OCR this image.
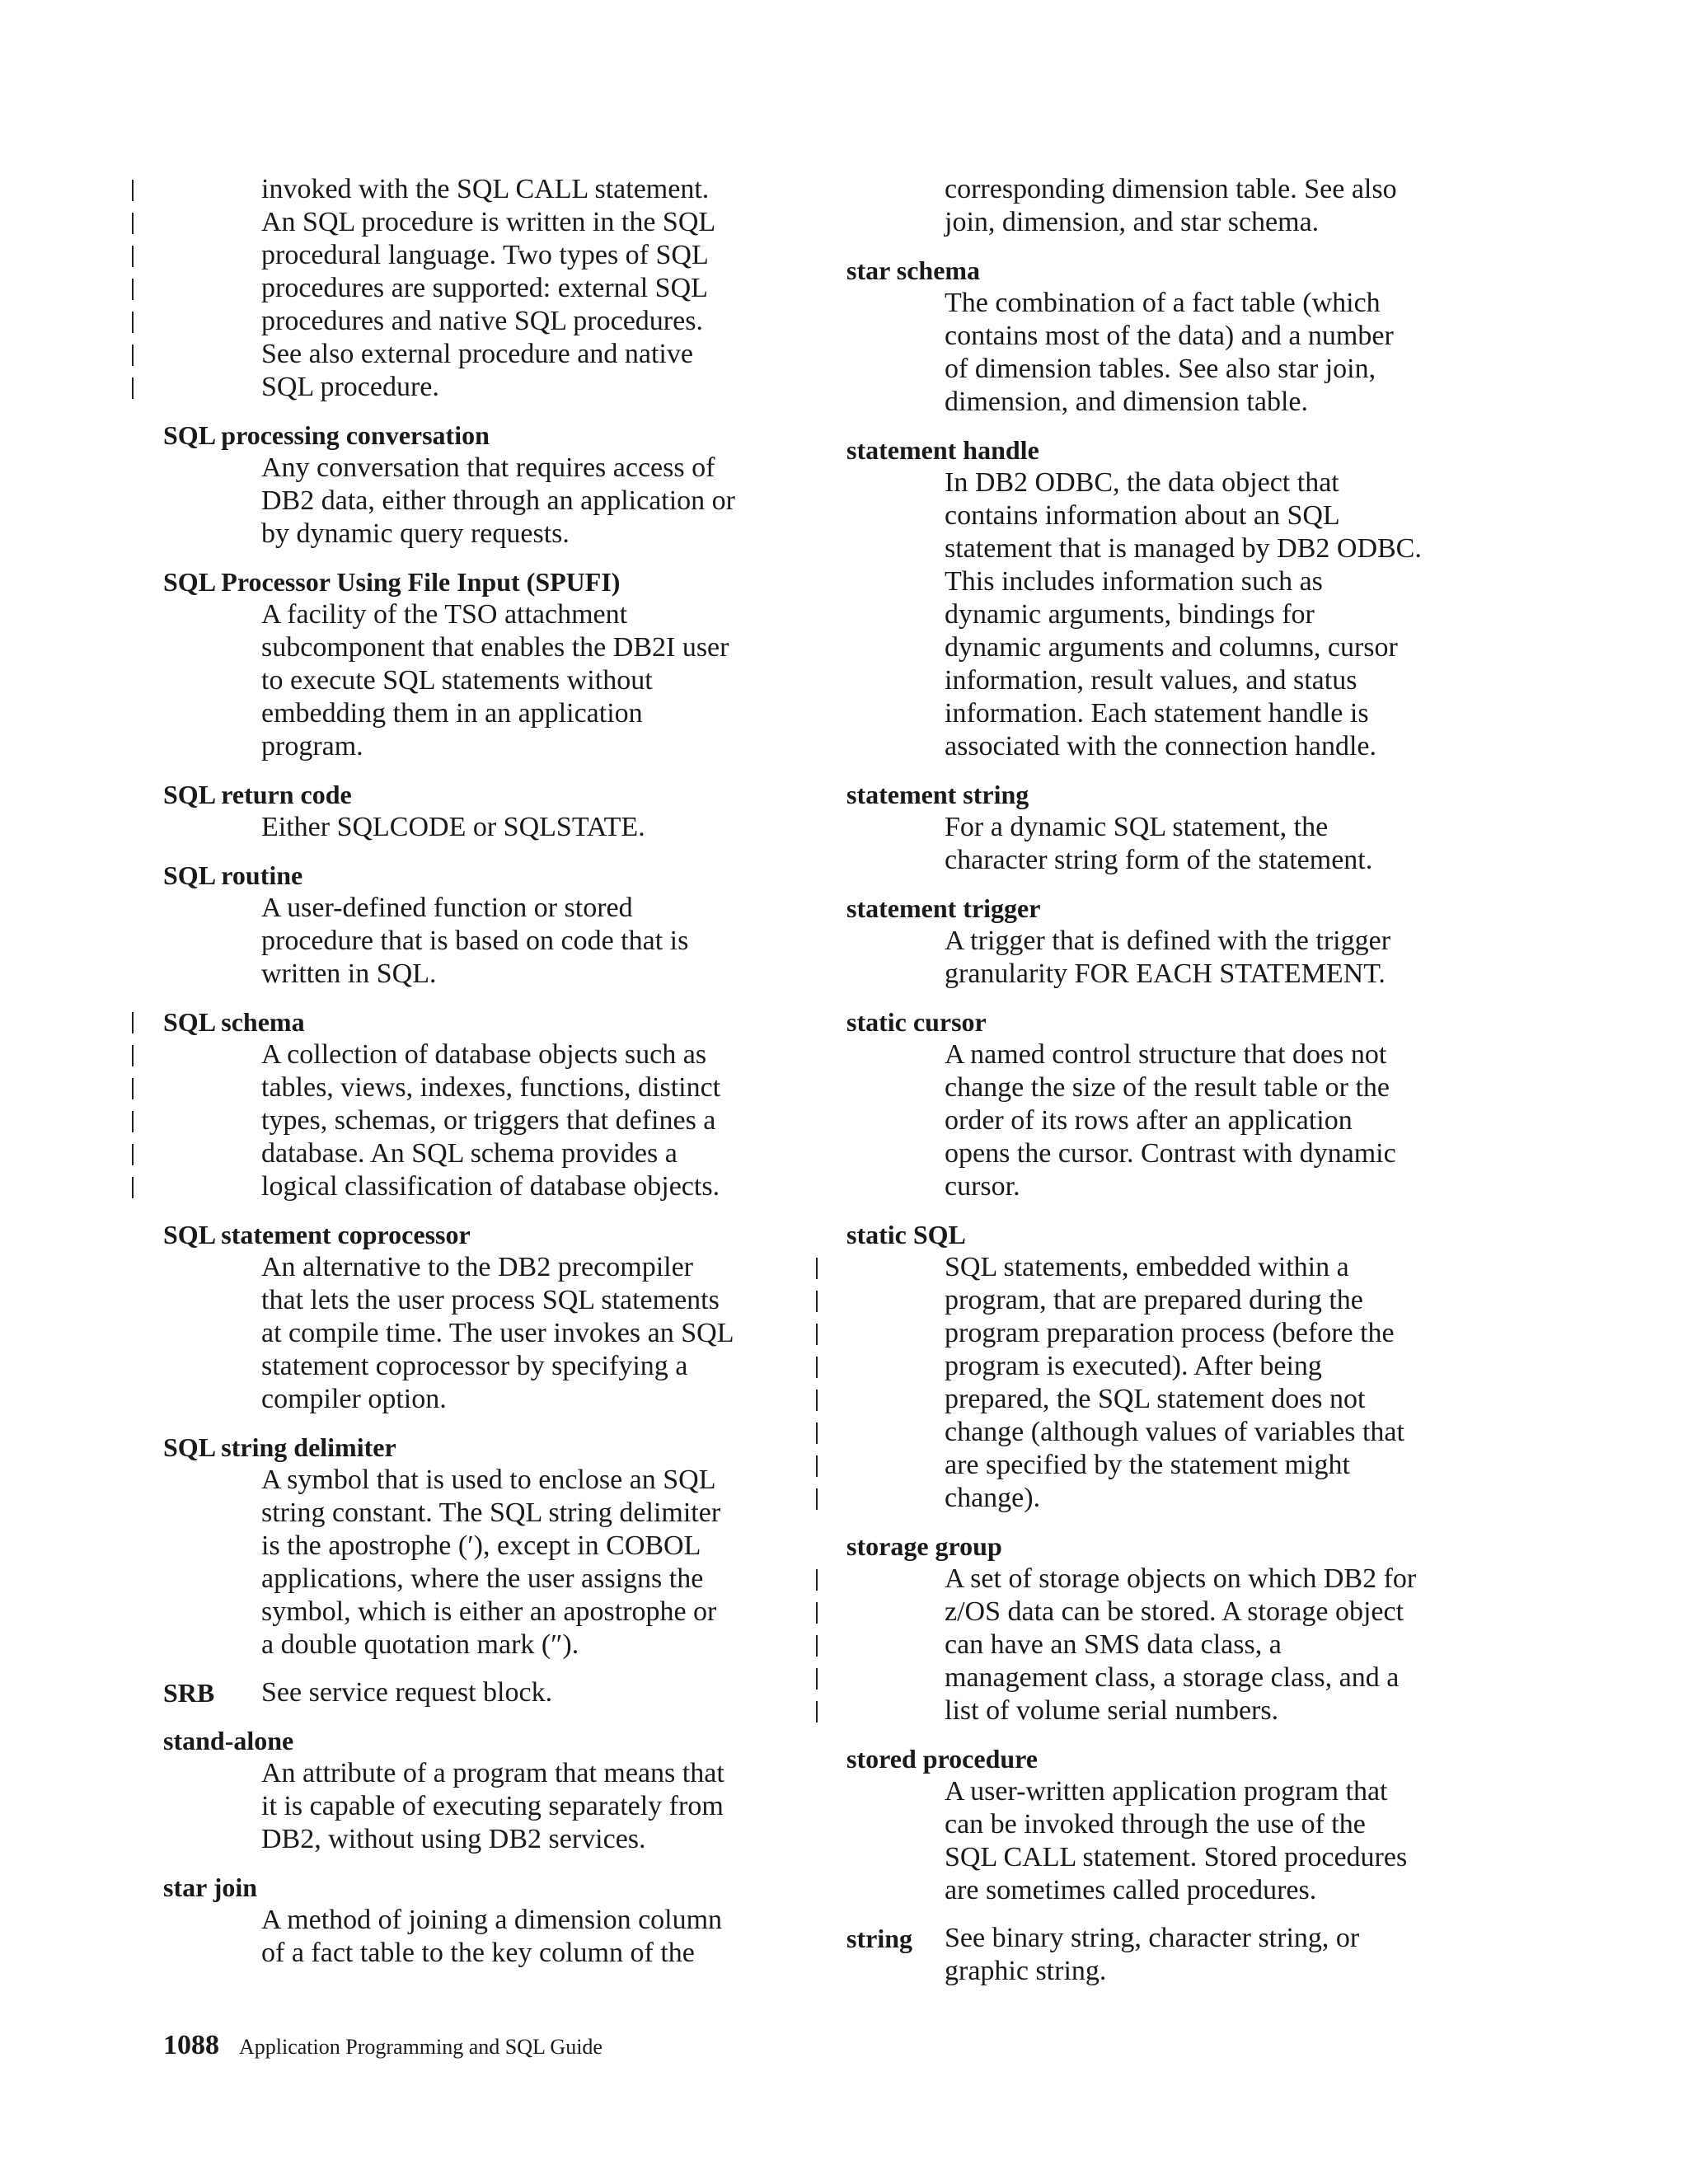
invoked with the SQL CALL statement.
An SQL procedure is written in the SQL
procedural language. Two types of SQL
procedures are supported: external SQL
procedures and native SQL procedures.
See also external procedure and native
SQL procedure.
SQL processing conversation
Any conversation that requires access of
DB2 data, either through an application or
by dynamic query requests.
SQL Processor Using File Input (SPUFI)
A facility of the TSO attachment
subcomponent that enables the DB2I user
to execute SQL statements without
embedding them in an application
program.
SQL return code
Either SQLCODE or SQLSTATE.
SQL routine
A user-defined function or stored
procedure that is based on code that is
written in SQL.
SQL schema
A collection of database objects such as
tables, views, indexes, functions, distinct
types, schemas, or triggers that defines a
database. An SQL schema provides a
logical classification of database objects.
SQL statement coprocessor
An alternative to the DB2 precompiler
that lets the user process SQL statements
at compile time. The user invokes an SQL
statement coprocessor by specifying a
compiler option.
SQL string delimiter
A symbol that is used to enclose an SQL
string constant. The SQL string delimiter
is the apostrophe (′), except in COBOL
applications, where the user assigns the
symbol, which is either an apostrophe or
a double quotation mark (″).
SRB	See service request block.
stand-alone
An attribute of a program that means that
it is capable of executing separately from
DB2, without using DB2 services.
star join
A method of joining a dimension column
of a fact table to the key column of the
corresponding dimension table. See also
join, dimension, and star schema.
star schema
The combination of a fact table (which
contains most of the data) and a number
of dimension tables. See also star join,
dimension, and dimension table.
statement handle
In DB2 ODBC, the data object that
contains information about an SQL
statement that is managed by DB2 ODBC.
This includes information such as
dynamic arguments, bindings for
dynamic arguments and columns, cursor
information, result values, and status
information. Each statement handle is
associated with the connection handle.
statement string
For a dynamic SQL statement, the
character string form of the statement.
statement trigger
A trigger that is defined with the trigger
granularity FOR EACH STATEMENT.
static cursor
A named control structure that does not
change the size of the result table or the
order of its rows after an application
opens the cursor. Contrast with dynamic
cursor.
static SQL
SQL statements, embedded within a
program, that are prepared during the
program preparation process (before the
program is executed). After being
prepared, the SQL statement does not
change (although values of variables that
are specified by the statement might
change).
storage group
A set of storage objects on which DB2 for
z/OS data can be stored. A storage object
can have an SMS data class, a
management class, a storage class, and a
list of volume serial numbers.
stored procedure
A user-written application program that
can be invoked through the use of the
SQL CALL statement. Stored procedures
are sometimes called procedures.
string	See binary string, character string, or
graphic string.
1088 Application Programming and SQL Guide
